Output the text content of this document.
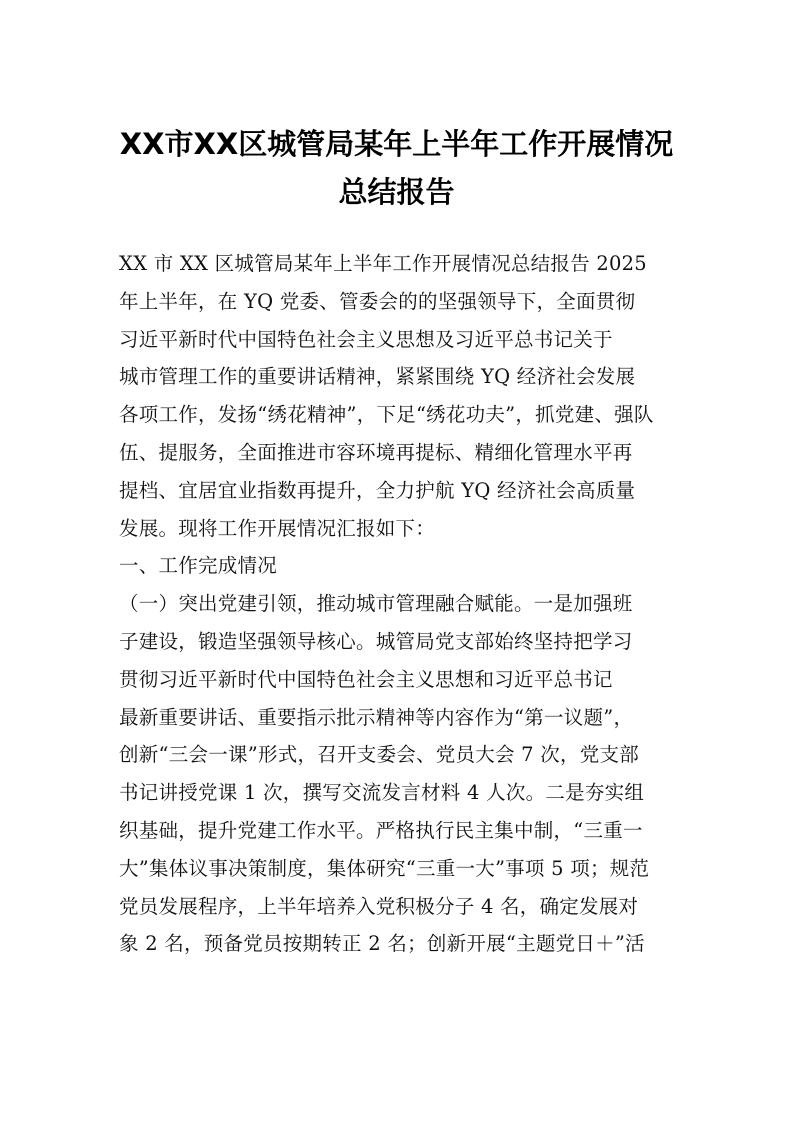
XX市XX区城管局某年上半年工作开展情况
总结报告
XX 市 XX 区城管局某年上半年工作开展情况总结报告 2025
年上半年，在 YQ 党委、管委会的的坚强领导下，全面贯彻
习近平新时代中国特色社会主义思想及习近平总书记关于
城市管理工作的重要讲话精神，紧紧围绕 YQ 经济社会发展
各项工作，发扬“绣花精神”，下足“绣花功夫”，抓党建、强队
伍、提服务，全面推进市容环境再提标、精细化管理水平再
提档、宜居宜业指数再提升，全力护航 YQ 经济社会高质量
发展。现将工作开展情况汇报如下：
一、工作完成情况
（一）突出党建引领，推动城市管理融合赋能。一是加强班
子建设，锻造坚强领导核心。城管局党支部始终坚持把学习
贯彻习近平新时代中国特色社会主义思想和习近平总书记
最新重要讲话、重要指示批示精神等内容作为“第一议题”，
创新“三会一课”形式，召开支委会、党员大会 7 次，党支部
书记讲授党课 1 次，撰写交流发言材料 4 人次。二是夯实组
织基础，提升党建工作水平。严格执行民主集中制，“三重一
大”集体议事决策制度，集体研究“三重一大”事项 5 项；规范
党员发展程序，上半年培养入党积极分子 4 名，确定发展对
象 2 名，预备党员按期转正 2 名；创新开展“主题党日＋”活
